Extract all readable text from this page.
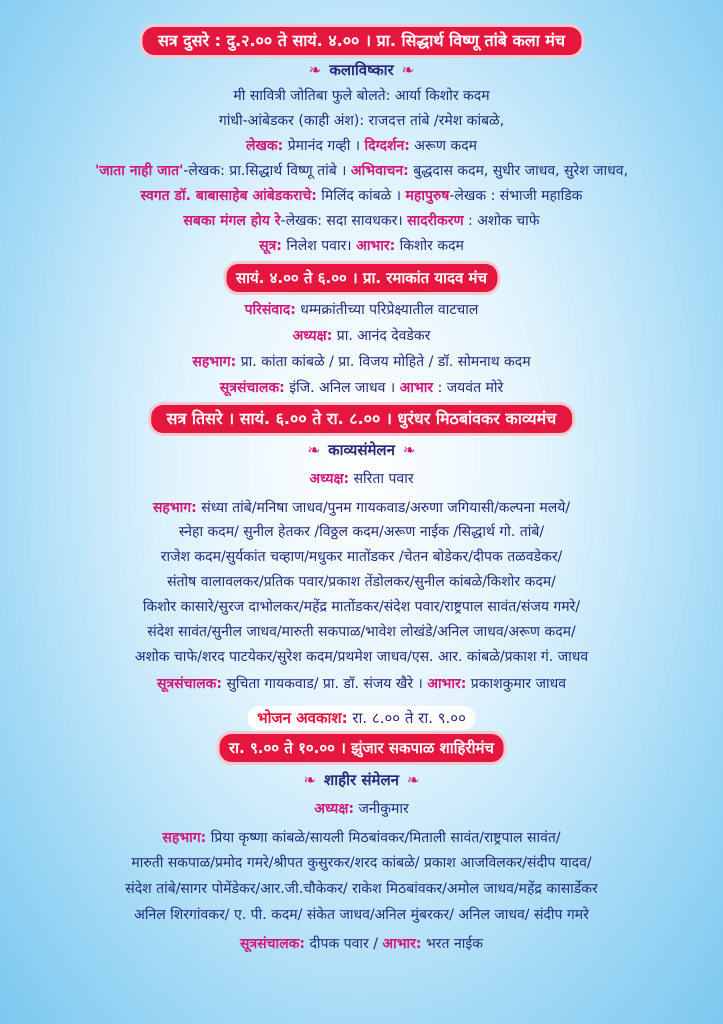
सत्र दुसरे : दु.२.०० ते सायं. ४.०० । प्रा. सिद्धार्थ विष्णू तांबे कला मंच
❧ कलाविष्कार ❧
मी सावित्री जोतिबा फुले बोलते: आर्या किशोर कदम
गांधी-आंबेडकर (काही अंश): राजदत्त तांबे /रमेश कांबळे,
लेखक: प्रेमानंद गव्ही । दिग्दर्शन: अरूण कदम
'जाता नाही जात'-लेखक: प्रा.सिद्धार्थ विष्णू तांबे । अभिवाचन: बुद्धदास कदम, सुधीर जाधव, सुरेश जाधव,
स्वगत डॉ. बाबासाहेब आंबेडकराचे: मिलिंद कांबळे । महापुरुष-लेखक : संभाजी महाडिक
सबका मंगल होय रे-लेखक: सदा सावधकर। सादरीकरण : अशोक चाफे
सूत्र: निलेश पवार। आभार: किशोर कदम
सायं. ४.०० ते ६.०० । प्रा. रमाकांत यादव मंच
परिसंवाद: धम्मक्रांतीच्या परिप्रेक्ष्यातील वाटचाल
अध्यक्ष: प्रा. आनंद देवडेकर
सहभाग: प्रा. कांता कांबळे / प्रा. विजय मोहिते / डॉ. सोमनाथ कदम
सूत्रसंचालक: इंजि. अनिल जाधव । आभार : जयवंत मोरे
सत्र तिसरे । सायं. ६.०० ते रा. ८.०० । धुरंधर मिठबांवकर काव्यमंच
❧ काव्यसंमेलन ❧
अध्यक्ष: सरिता पवार
सहभाग: संध्या तांबे/मनिषा जाधव/पुनम गायकवाड/अरुणा जगियासी/कल्पना मलये/
स्नेहा कदम/ सुनील हेतकर /विठ्ठल कदम/अरूण नाईक /सिद्धार्थ गो. तांबे/
राजेश कदम/सुर्यकांत चव्हाण/मधुकर मातोंडकर /चेतन बोडेकर/दीपक तळवडेकर/
संतोष वालावलकर/प्रतिक पवार/प्रकाश तेंडोलकर/सुनील कांबळे/किशोर कदम/
किशोर कासारे/सुरज दाभोलकर/महेंद्र मातोंडकर/संदेश पवार/राष्ट्रपाल सावंत/संजय गमरे/
संदेश सावंत/सुनील जाधव/मारुती सकपाळ/भावेश लोखंडे/अनिल जाधव/अरूण कदम/
अशोक चाफे/शरद पाटयेकर/सुरेश कदम/प्रथमेश जाधव/एस. आर. कांबळे/प्रकाश गं. जाधव
सूत्रसंचालक: सुचिता गायकवाड/ प्रा. डॉ. संजय खैरे । आभार: प्रकाशकुमार जाधव
भोजन अवकाश: रा. ८.०० ते रा. ९.००
रा. ९.०० ते १०.०० । झुंजार सकपाळ शाहिरीमंच
❧ शाहीर संमेलन ❧
अध्यक्ष: जनीकुमार
सहभाग: प्रिया कृष्णा कांबळे/सायली मिठबांवकर/मिताली सावंत/राष्ट्रपाल सावंत/
मारुती सकपाळ/प्रमोद गमरे/श्रीपत कुसुरकर/शरद कांबळे/ प्रकाश आजविलकर/संदीप यादव/
संदेश तांबे/सागर पोमेंडेकर/आर.जी.चौकेकर/ राकेश मिठबांवकर/अमोल जाधव/महेंद्र कासार्डेकर
अनिल शिरगांवकर/ ए. पी. कदम/ संकेत जाधव/अनिल मुंबरकर/ अनिल जाधव/ संदीप गमरे
सूत्रसंचालक: दीपक पवार / आभार: भरत नाईक
